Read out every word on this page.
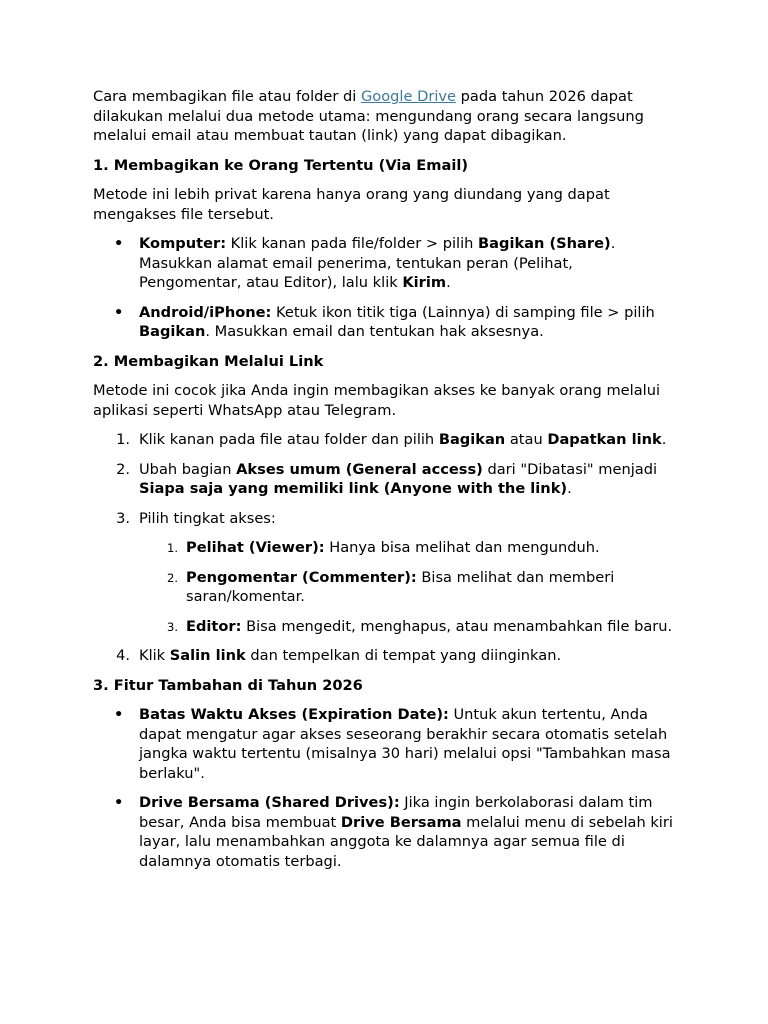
Cara membagikan file atau folder di Google Drive pada tahun 2026 dapat dilakukan melalui dua metode utama: mengundang orang secara langsung melalui email atau membuat tautan (link) yang dapat dibagikan.

1. Membagikan ke Orang Tertentu (Via Email)

Metode ini lebih privat karena hanya orang yang diundang yang dapat mengakses file tersebut.

• Komputer: Klik kanan pada file/folder > pilih Bagikan (Share). Masukkan alamat email penerima, tentukan peran (Pelihat, Pengomentar, atau Editor), lalu klik Kirim.
• Android/iPhone: Ketuk ikon titik tiga (Lainnya) di samping file > pilih Bagikan. Masukkan email dan tentukan hak aksesnya.

2. Membagikan Melalui Link

Metode ini cocok jika Anda ingin membagikan akses ke banyak orang melalui aplikasi seperti WhatsApp atau Telegram.

1. Klik kanan pada file atau folder dan pilih Bagikan atau Dapatkan link.
2. Ubah bagian Akses umum (General access) dari "Dibatasi" menjadi Siapa saja yang memiliki link (Anyone with the link).
3. Pilih tingkat akses:
1. Pelihat (Viewer): Hanya bisa melihat dan mengunduh.
2. Pengomentar (Commenter): Bisa melihat dan memberi saran/komentar.
3. Editor: Bisa mengedit, menghapus, atau menambahkan file baru.
4. Klik Salin link dan tempelkan di tempat yang diinginkan.

3. Fitur Tambahan di Tahun 2026

• Batas Waktu Akses (Expiration Date): Untuk akun tertentu, Anda dapat mengatur agar akses seseorang berakhir secara otomatis setelah jangka waktu tertentu (misalnya 30 hari) melalui opsi "Tambahkan masa berlaku".
• Drive Bersama (Shared Drives): Jika ingin berkolaborasi dalam tim besar, Anda bisa membuat Drive Bersama melalui menu di sebelah kiri layar, lalu menambahkan anggota ke dalamnya agar semua file di dalamnya otomatis terbagi.
